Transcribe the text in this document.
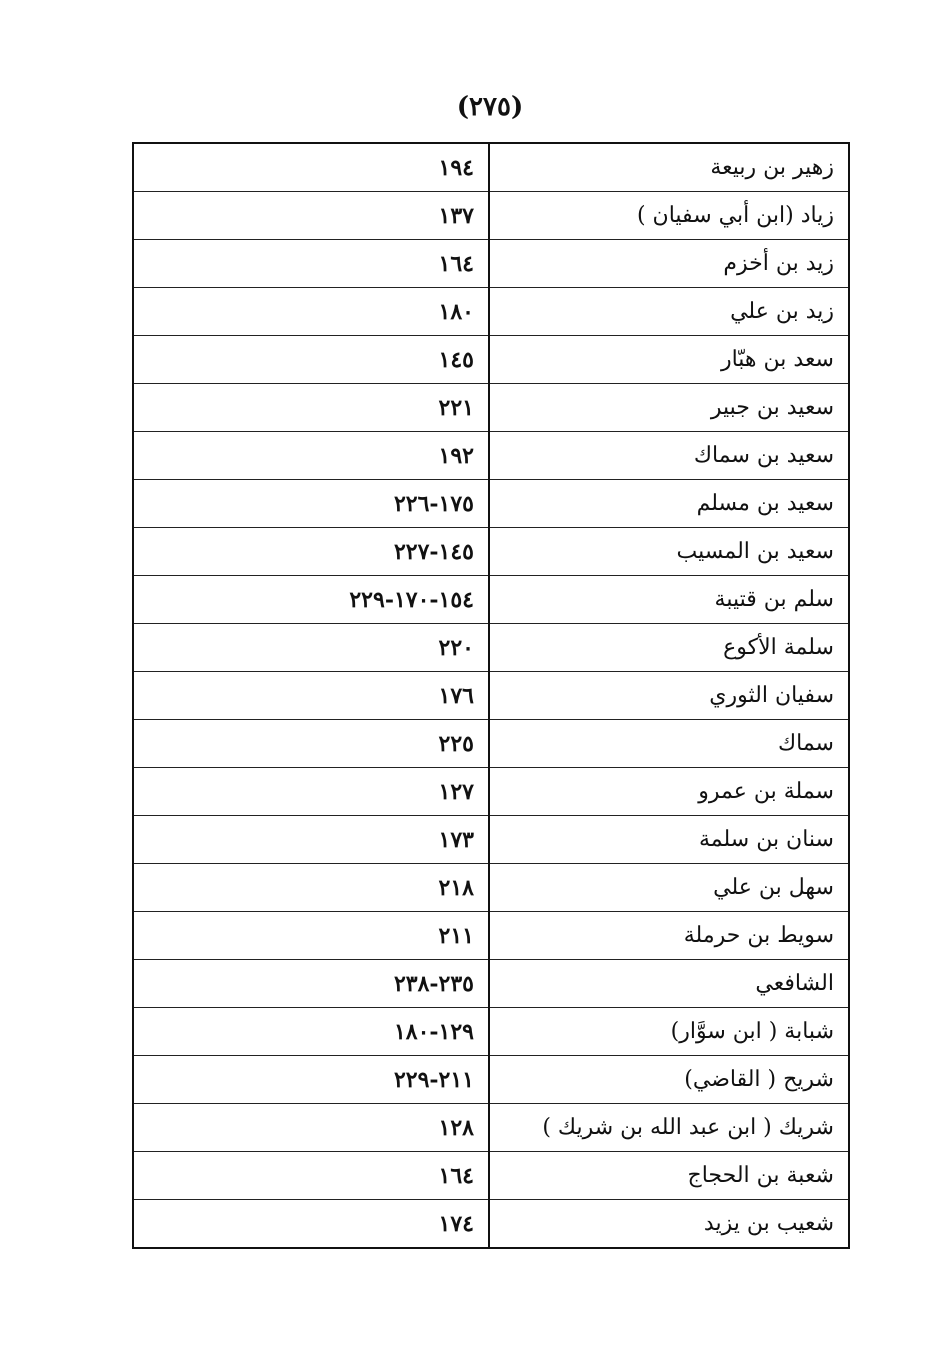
(٢٧٥)
زهير بن ربيعة	١٩٤
زياد (ابن أبي سفيان )	١٣٧
زيد بن أخزم	١٦٤
زيد بن علي	١٨٠
سعد بن هبّار	١٤٥
سعيد بن جبير	٢٢١
سعيد بن سماك	١٩٢
سعيد بن مسلم	١٧٥-٢٢٦
سعيد بن المسيب	١٤٥-٢٢٧
سلم بن قتيبة	١٥٤-١٧٠-٢٢٩
سلمة الأكوع	٢٢٠
سفيان الثوري	١٧٦
سماك	٢٢٥
سملة بن عمرو	١٢٧
سنان بن سلمة	١٧٣
سهل بن علي	٢١٨
سويط بن حرملة	٢١١
الشافعي	٢٣٥-٢٣٨
شبابة ( ابن سوَّار)	١٢٩-١٨٠
شريح ( القاضي)	٢١١-٢٢٩
شريك ( ابن عبد الله بن شريك )	١٢٨
شعبة بن الحجاج	١٦٤
شعيب بن يزيد	١٧٤
